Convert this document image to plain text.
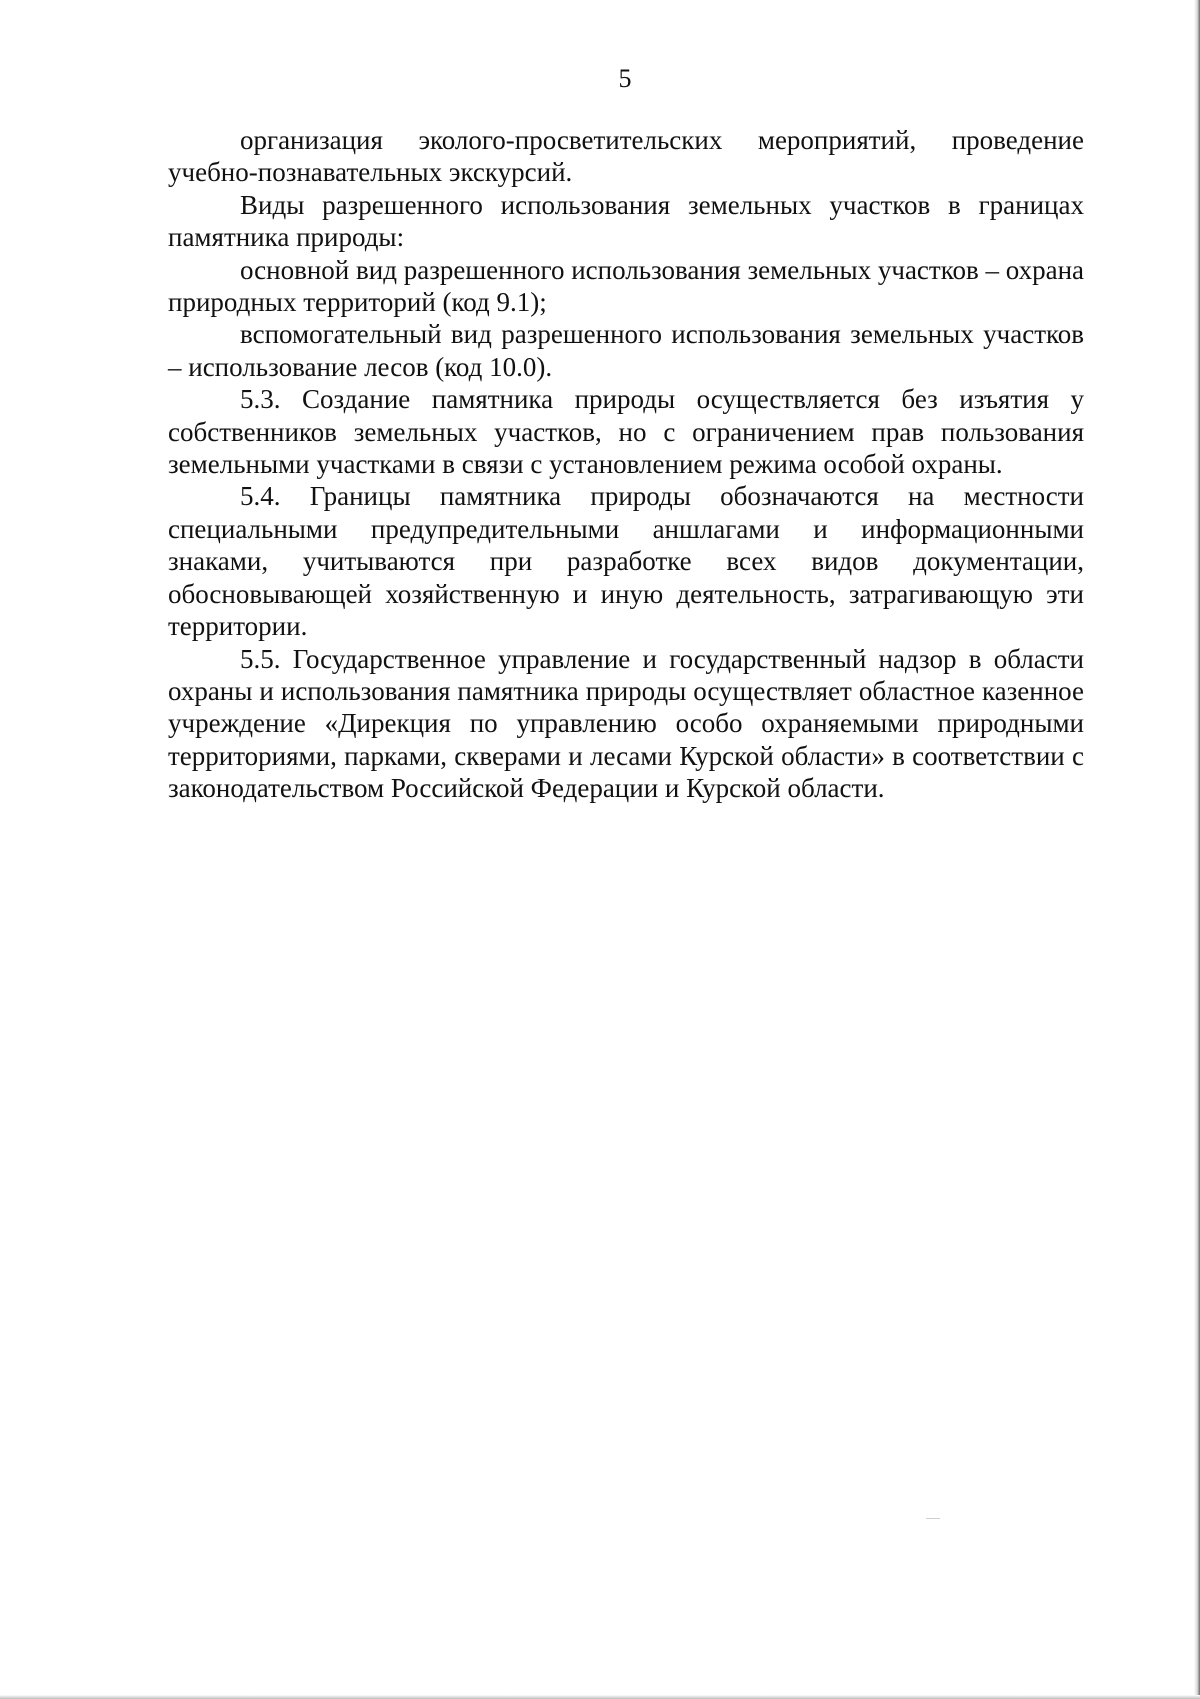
5

организация эколого-просветительских мероприятий, проведение учебно-познавательных экскурсий.

Виды разрешенного использования земельных участков в границах памятника природы:

основной вид разрешенного использования земельных участков – охрана природных территорий (код 9.1);

вспомогательный вид разрешенного использования земельных участков – использование лесов (код 10.0).

5.3. Создание памятника природы осуществляется без изъятия у собственников земельных участков, но с ограничением прав пользования земельными участками в связи с установлением режима особой охраны.

5.4. Границы памятника природы обозначаются на местности специальными предупредительными аншлагами и информационными знаками, учитываются при разработке всех видов документации, обосновывающей хозяйственную и иную деятельность, затрагивающую эти территории.

5.5. Государственное управление и государственный надзор в области охраны и использования памятника природы осуществляет областное казенное учреждение «Дирекция по управлению особо охраняемыми природными территориями, парками, скверами и лесами Курской области» в соответствии с законодательством Российской Федерации и Курской области.
